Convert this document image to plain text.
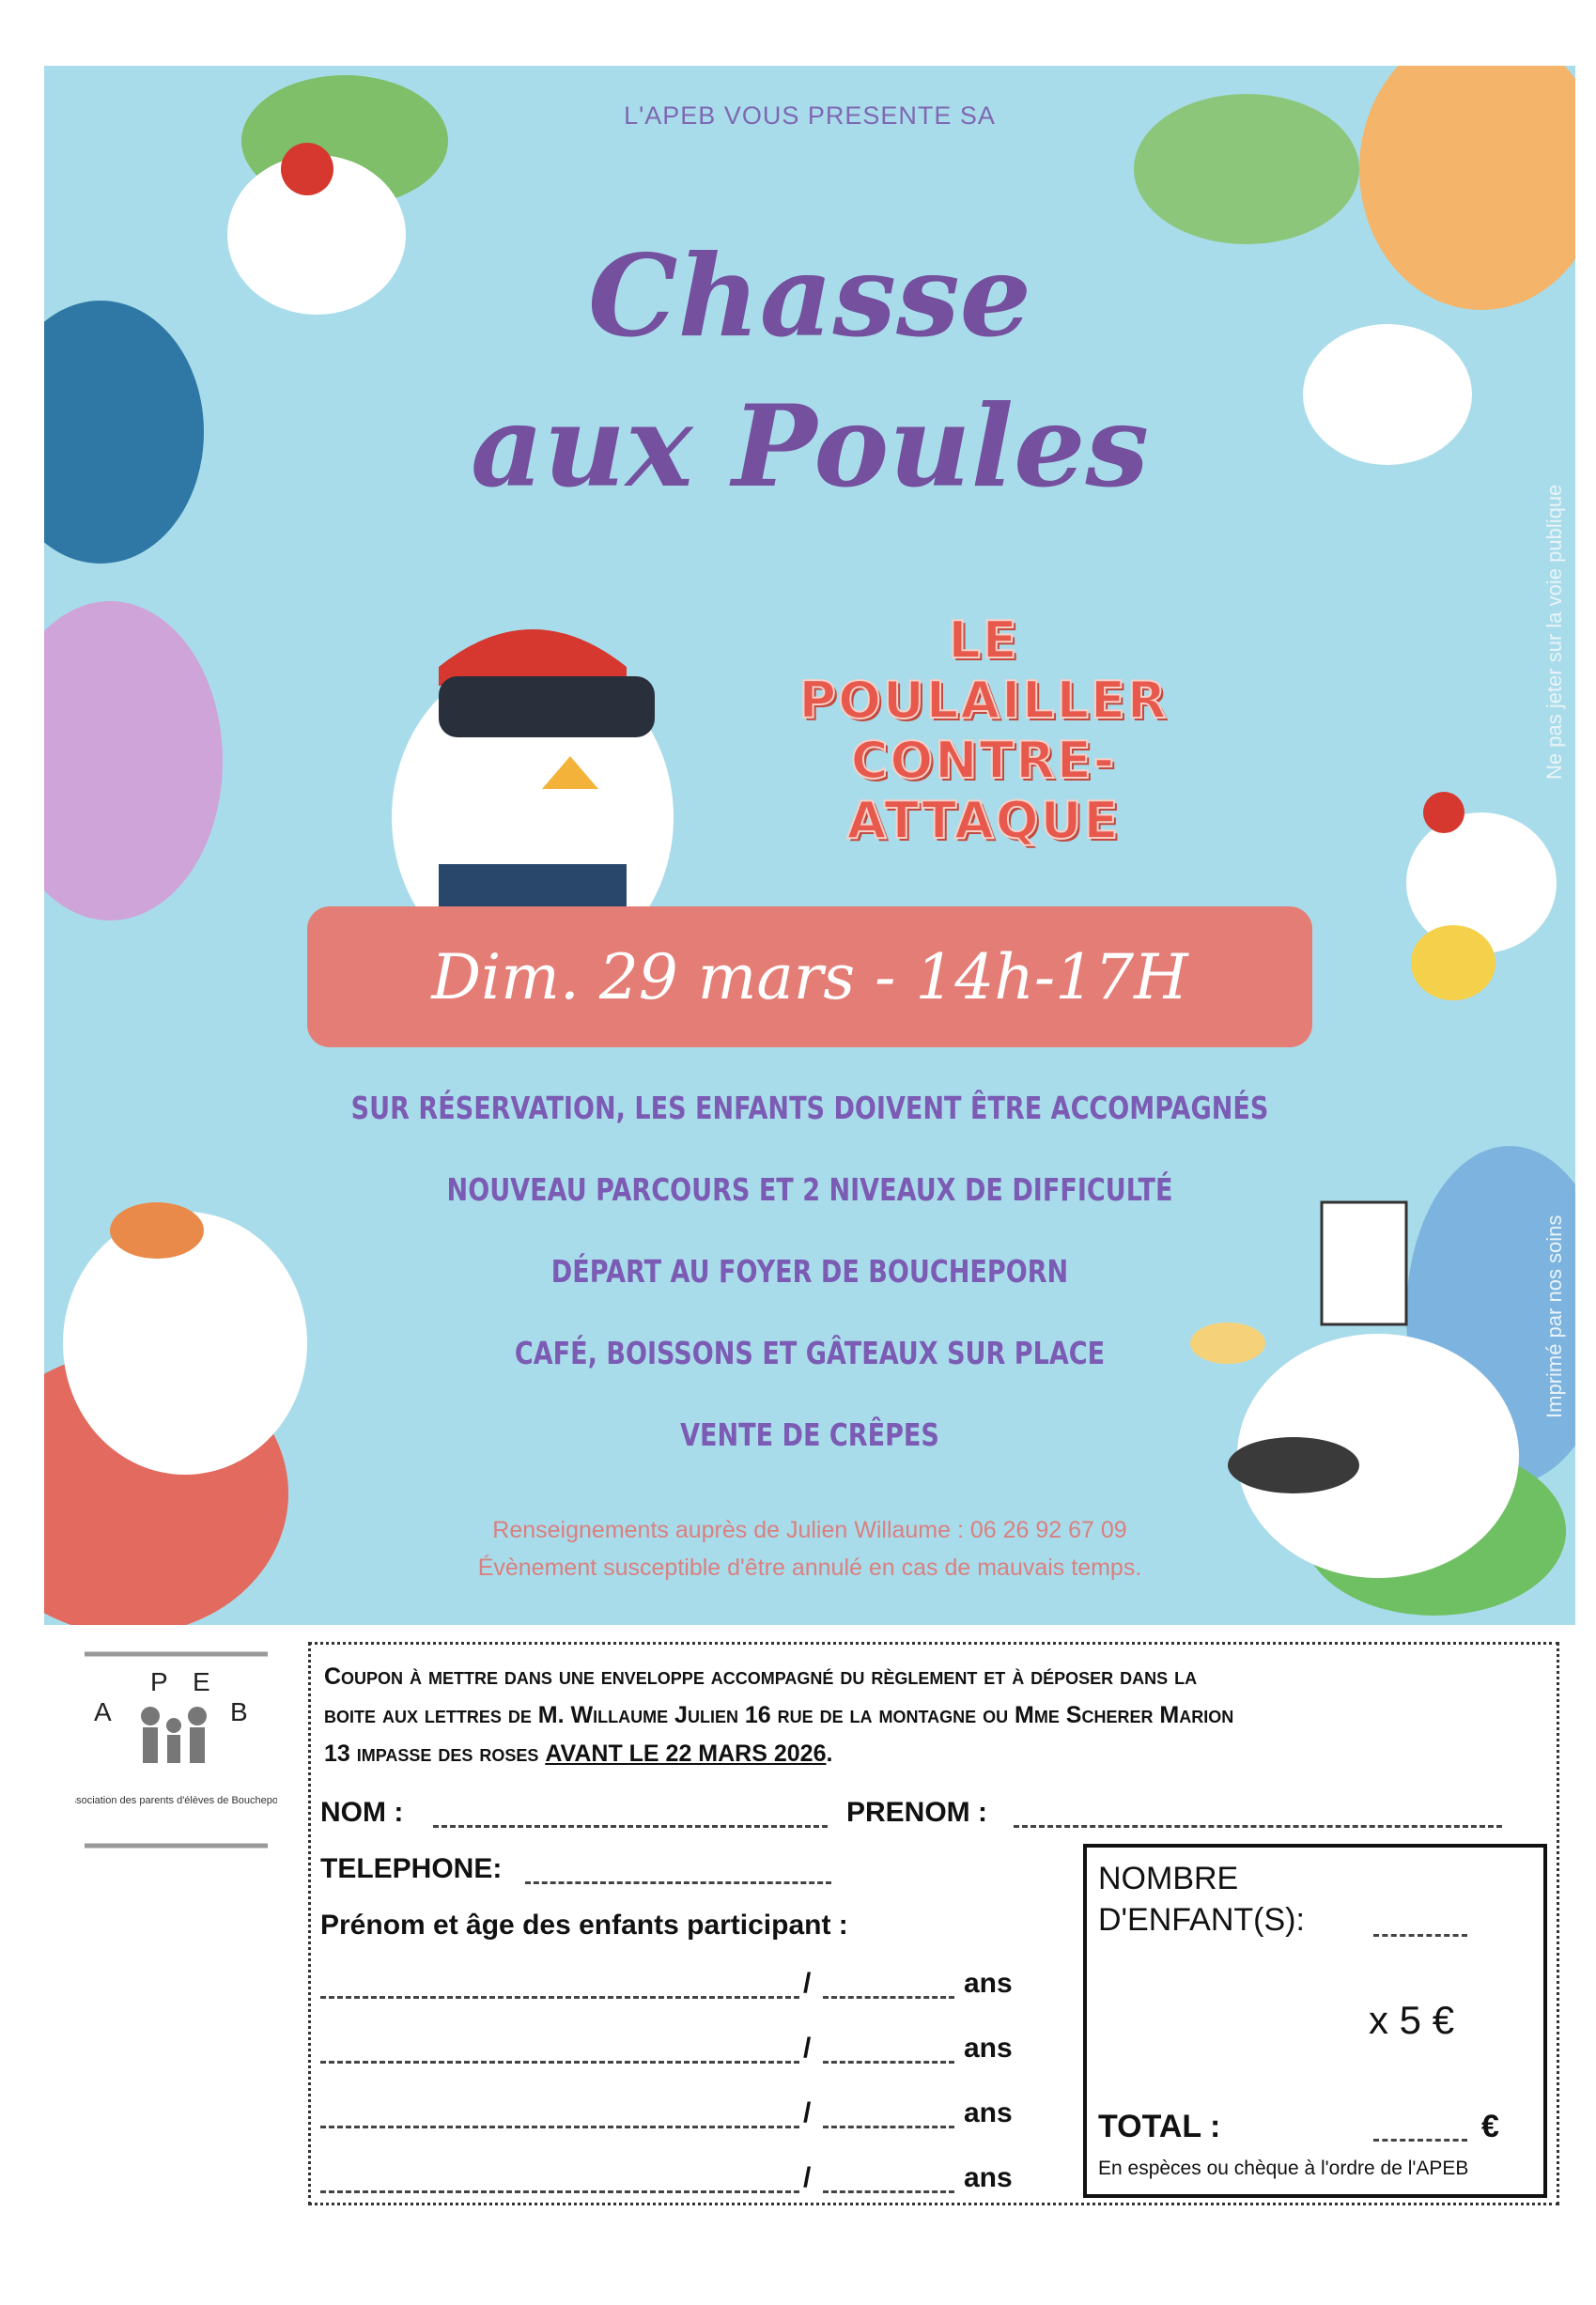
L'APEB VOUS PRESENTE SA
Chasse
aux Poules
LE
POULAILLER
CONTRE-
ATTAQUE
Dim. 29 mars - 14h-17H
SUR RÉSERVATION, LES ENFANTS DOIVENT ÊTRE ACCOMPAGNÉS
NOUVEAU PARCOURS ET 2 NIVEAUX DE DIFFICULTÉ
DÉPART AU FOYER DE BOUCHEPORN
CAFÉ, BOISSONS ET GÂTEAUX SUR PLACE
VENTE DE CRÊPES
Renseignements auprès de Julien Willaume : 06 26 92 67 09
Évènement susceptible d'être annulé en cas de mauvais temps.
Ne pas jeter sur la voie publique
Imprimé par nos soins
A
P E
B
Association des parents d'élèves de Boucheporn
Coupon à mettre dans une enveloppe accompagné du règlement et à déposer dans la
boite aux lettres de M. Willaume Julien 16 rue de la montagne ou Mme Scherer Marion
13 impasse des roses AVANT LE 22 MARS 2026.
NOM :	PRENOM :
TELEPHONE:
Prénom et âge des enfants participant :
/	ans
/	ans
/	ans
/	ans
NOMBRE
D'ENFANT(S):
x 5 €
TOTAL :	€
En espèces ou chèque à l'ordre de l'APEB
